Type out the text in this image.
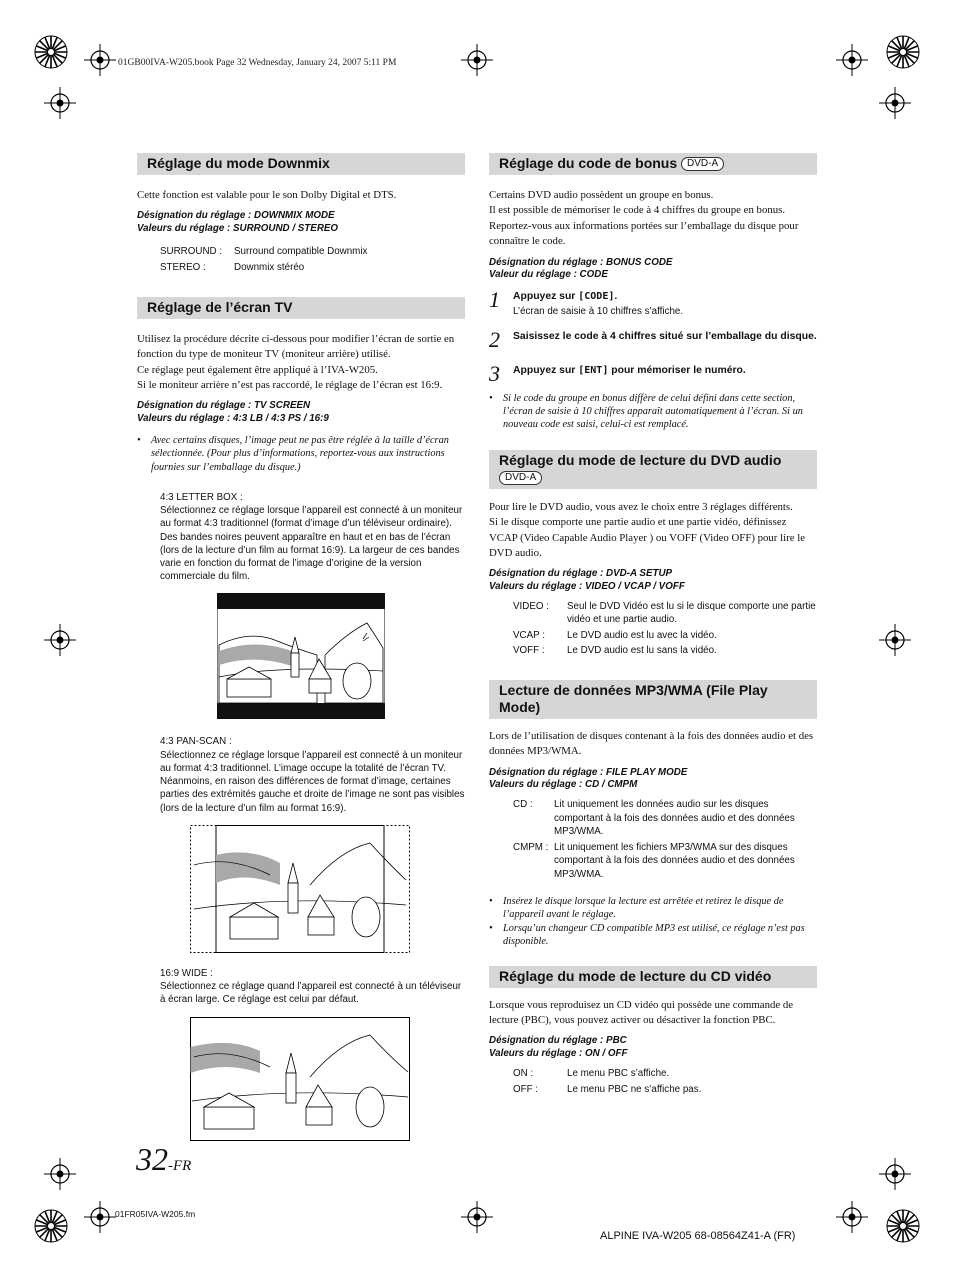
01GB00IVA-W205.book Page 32 Wednesday, January 24, 2007 5:11 PM
Réglage du mode Downmix
Cette fonction est valable pour le son Dolby Digital et DTS.
Désignation du réglage : DOWNMIX MODE
Valeurs du réglage : SURROUND / STEREO
SURROUND :	Surround compatible Downmix
STEREO :	Downmix stéréo
Réglage de l’écran TV
Utilisez la procédure décrite ci-dessous pour modifier l’écran de sortie en fonction du type de moniteur TV (moniteur arrière) utilisé.
Ce réglage peut également être appliqué à l’IVA-W205.
Si le moniteur arrière n’est pas raccordé, le réglage de l’écran est 16:9.
Désignation du réglage : TV SCREEN
Valeurs du réglage : 4:3 LB / 4:3 PS / 16:9
•	Avec certains disques, l’image peut ne pas être réglée à la taille d’écran sélectionnée. (Pour plus d’informations, reportez-vous aux instructions fournies sur l’emballage du disque.)
4:3 LETTER BOX :
Sélectionnez ce réglage lorsque l’appareil est connecté à un moniteur au format 4:3 traditionnel (format d’image d’un téléviseur ordinaire). Des bandes noires peuvent apparaître en haut et en bas de l’écran (lors de la lecture d’un film au format 16:9). La largeur de ces bandes varie en fonction du format de l’image d’origine de la version commerciale du film.
4:3 PAN-SCAN :
Sélectionnez ce réglage lorsque l’appareil est connecté à un moniteur au format 4:3 traditionnel. L’image occupe la totalité de l’écran TV. Néanmoins, en raison des différences de format d’image, certaines parties des extrémités gauche et droite de l’image ne sont pas visibles (lors de la lecture d’un film au format 16:9).
16:9 WIDE :
Sélectionnez ce réglage quand l’appareil est connecté à un téléviseur à écran large. Ce réglage est celui par défaut.
Réglage du code de bonus DVD-A
Certains DVD audio possèdent un groupe en bonus.
Il est possible de mémoriser le code à 4 chiffres du groupe en bonus. Reportez-vous aux informations portées sur l’emballage du disque pour connaître le code.
Désignation du réglage : BONUS CODE
Valeur du réglage : CODE
1	Appuyez sur [CODE].
L’écran de saisie à 10 chiffres s’affiche.
2	Saisissez le code à 4 chiffres situé sur l’emballage du disque.
3	Appuyez sur [ENT] pour mémoriser le numéro.
•	Si le code du groupe en bonus diffère de celui défini dans cette section, l’écran de saisie à 10 chiffres apparaît automatiquement à l’écran. Si un nouveau code est saisi, celui-ci est remplacé.
Réglage du mode de lecture du DVD audio
DVD-A
Pour lire le DVD audio, vous avez le choix entre 3 réglages différents.
Si le disque comporte une partie audio et une partie vidéo, définissez VCAP (Video Capable Audio Player ) ou VOFF (Video OFF) pour lire le DVD audio.
Désignation du réglage : DVD-A SETUP
Valeurs du réglage : VIDEO / VCAP / VOFF
VIDEO :	Seul le DVD Vidéo est lu si le disque comporte une partie vidéo et une partie audio.
VCAP :	Le DVD audio est lu avec la vidéo.
VOFF :	Le DVD audio est lu sans la vidéo.
Lecture de données MP3/WMA (File Play Mode)
Lors de l’utilisation de disques contenant à la fois des données audio et des données MP3/WMA.
Désignation du réglage : FILE PLAY MODE
Valeurs du réglage : CD / CMPM
CD :	Lit uniquement les données audio sur les disques comportant à la fois des données audio et des données MP3/WMA.
CMPM : Lit uniquement les fichiers MP3/WMA sur des disques comportant à la fois des données audio et des données MP3/WMA.
•	Insérez le disque lorsque la lecture est arrêtée et retirez le disque de l’appareil avant le réglage.
•	Lorsqu’un changeur CD compatible MP3 est utilisé, ce réglage n’est pas disponible.
Réglage du mode de lecture du CD vidéo
Lorsque vous reproduisez un CD vidéo qui possède une commande de lecture (PBC), vous pouvez activer ou désactiver la fonction PBC.
Désignation du réglage : PBC
Valeurs du réglage : ON / OFF
ON :	Le menu PBC s’affiche.
OFF :	Le menu PBC ne s’affiche pas.
32-FR
01FR05IVA-W205.fm
ALPINE IVA-W205 68-08564Z41-A (FR)
